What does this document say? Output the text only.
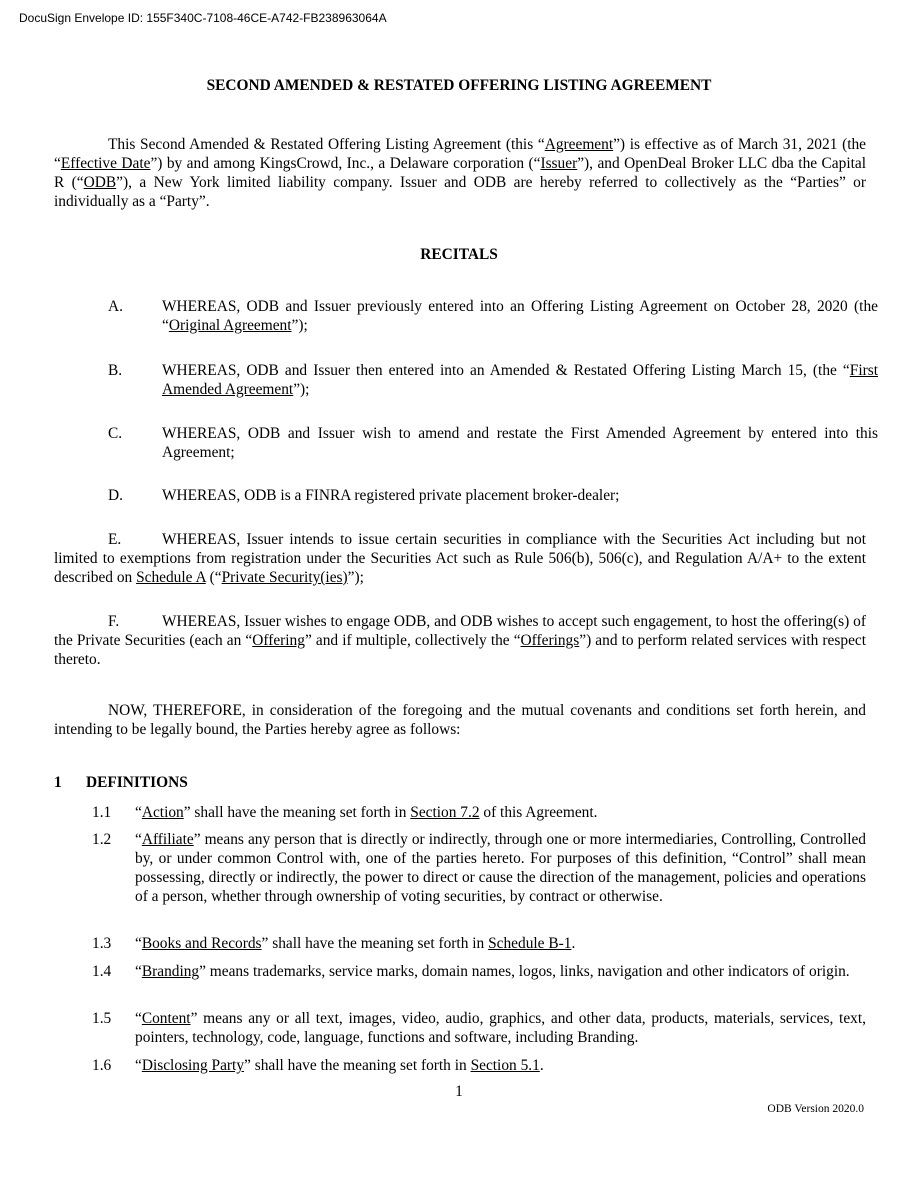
DocuSign Envelope ID: 155F340C-7108-46CE-A742-FB238963064A
SECOND AMENDED & RESTATED OFFERING LISTING AGREEMENT
This Second Amended & Restated Offering Listing Agreement (this “Agreement”) is effective as of March 31, 2021 (the “Effective Date”) by and among KingsCrowd, Inc., a Delaware corporation (“Issuer”), and OpenDeal Broker LLC dba the Capital R (“ODB”), a New York limited liability company. Issuer and ODB are hereby referred to collectively as the “Parties” or individually as a “Party”.
RECITALS
A.	WHEREAS, ODB and Issuer previously entered into an Offering Listing Agreement on October 28, 2020 (the “Original Agreement”);
B.	WHEREAS, ODB and Issuer then entered into an Amended & Restated Offering Listing March 15, (the “First Amended Agreement”);
C.	WHEREAS, ODB and Issuer wish to amend and restate the First Amended Agreement by entered into this Agreement;
D.	WHEREAS, ODB is a FINRA registered private placement broker-dealer;
E.	WHEREAS, Issuer intends to issue certain securities in compliance with the Securities Act including but not limited to exemptions from registration under the Securities Act such as Rule 506(b), 506(c), and Regulation A/A+ to the extent described on Schedule A (“Private Security(ies)”);
F.	WHEREAS, Issuer wishes to engage ODB, and ODB wishes to accept such engagement, to host the offering(s) of the Private Securities (each an “Offering” and if multiple, collectively the “Offerings”) and to perform related services with respect thereto.
NOW, THEREFORE, in consideration of the foregoing and the mutual covenants and conditions set forth herein, and intending to be legally bound, the Parties hereby agree as follows:
1 DEFINITIONS
1.1 “Action” shall have the meaning set forth in Section 7.2 of this Agreement.
1.2 “Affiliate” means any person that is directly or indirectly, through one or more intermediaries, Controlling, Controlled by, or under common Control with, one of the parties hereto. For purposes of this definition, “Control” shall mean possessing, directly or indirectly, the power to direct or cause the direction of the management, policies and operations of a person, whether through ownership of voting securities, by contract or otherwise.
1.3 “Books and Records” shall have the meaning set forth in Schedule B-1.
1.4 “Branding” means trademarks, service marks, domain names, logos, links, navigation and other indicators of origin.
1.5 “Content” means any or all text, images, video, audio, graphics, and other data, products, materials, services, text, pointers, technology, code, language, functions and software, including Branding.
1.6 “Disclosing Party” shall have the meaning set forth in Section 5.1.
1
ODB Version 2020.0
